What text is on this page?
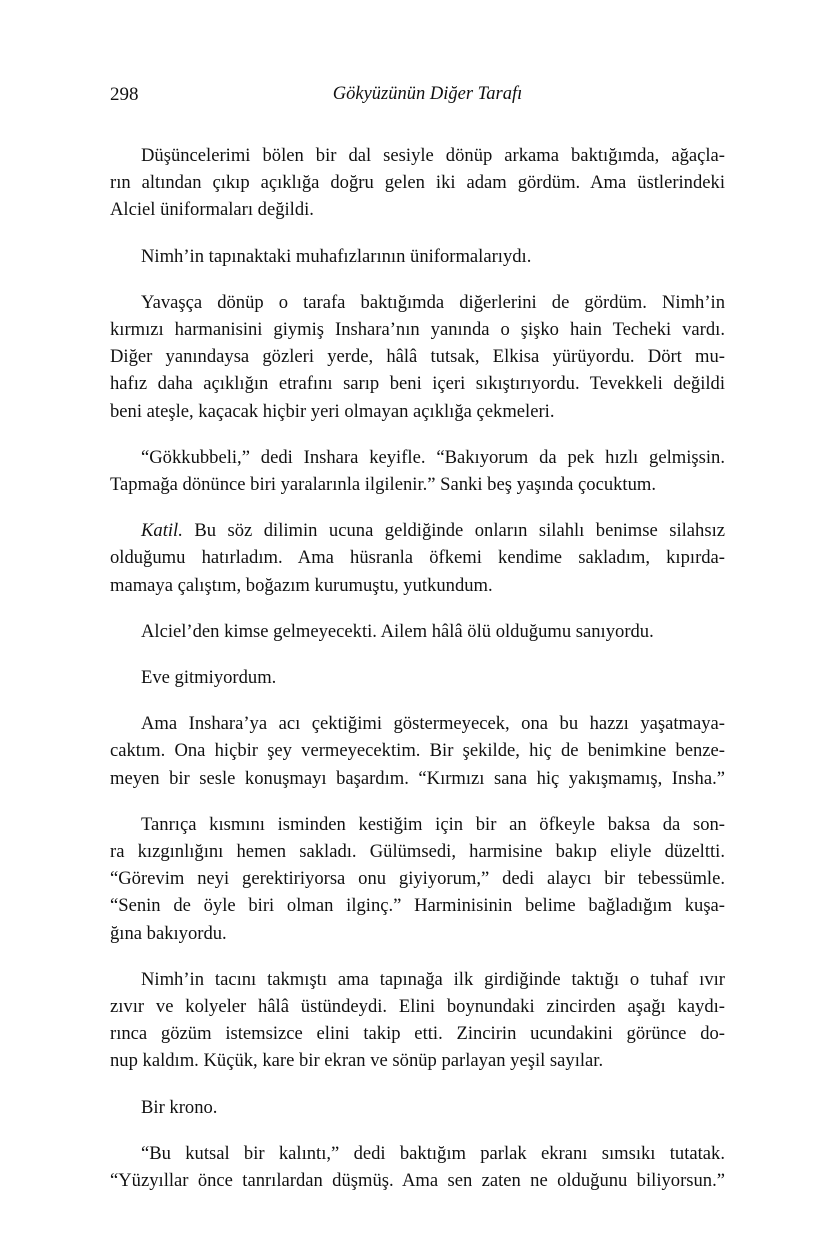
298	Gökyüzünün Diğer Tarafı

Düşüncelerimi bölen bir dal sesiyle dönüp arkama baktığımda, ağaçla-
rın altından çıkıp açıklığa doğru gelen iki adam gördüm. Ama üstlerindeki
Alciel üniformaları değildi.

Nimh’in tapınaktaki muhafızlarının üniformalarıydı.

Yavaşça dönüp o tarafa baktığımda diğerlerini de gördüm. Nimh’in
kırmızı harmanisini giymiş Inshara’nın yanında o şişko hain Techeki vardı.
Diğer yanındaysa gözleri yerde, hâlâ tutsak, Elkisa yürüyordu. Dört mu-
hafız daha açıklığın etrafını sarıp beni içeri sıkıştırıyordu. Tevekkeli değildi
beni ateşle, kaçacak hiçbir yeri olmayan açıklığa çekmeleri.

“Gökkubbeli,” dedi Inshara keyifle. “Bakıyorum da pek hızlı gelmişsin.
Tapmağa dönünce biri yaralarınla ilgilenir.” Sanki beş yaşında çocuktum.

Katil. Bu söz dilimin ucuna geldiğinde onların silahlı benimse silahsız
olduğumu hatırladım. Ama hüsranla öfkemi kendime sakladım, kıpırda-
mamaya çalıştım, boğazım kurumuştu, yutkundum.

Alciel’den kimse gelmeyecekti. Ailem hâlâ ölü olduğumu sanıyordu.

Eve gitmiyordum.

Ama Inshara’ya acı çektiğimi göstermeyecek, ona bu hazzı yaşatmaya-
caktım. Ona hiçbir şey vermeyecektim. Bir şekilde, hiç de benimkine benze-
meyen bir sesle konuşmayı başardım. “Kırmızı sana hiç yakışmamış, Insha.”

Tanrıça kısmını isminden kestiğim için bir an öfkeyle baksa da son-
ra kızgınlığını hemen sakladı. Gülümsedi, harmisine bakıp eliyle düzeltti.
“Görevim neyi gerektiriyorsa onu giyiyorum,” dedi alaycı bir tebessümle.
“Senin de öyle biri olman ilginç.” Harminisinin belime bağladığım kuşa-
ğına bakıyordu.

Nimh’in tacını takmıştı ama tapınağa ilk girdiğinde taktığı o tuhaf ıvır
zıvır ve kolyeler hâlâ üstündeydi. Elini boynundaki zincirden aşağı kaydı-
rınca gözüm istemsizce elini takip etti. Zincirin ucundakini görünce do-
nup kaldım. Küçük, kare bir ekran ve sönüp parlayan yeşil sayılar.

Bir krono.

“Bu kutsal bir kalıntı,” dedi baktığım parlak ekranı sımsıkı tutatak.
“Yüzyıllar önce tanrılardan düşmüş. Ama sen zaten ne olduğunu biliyorsun.”
